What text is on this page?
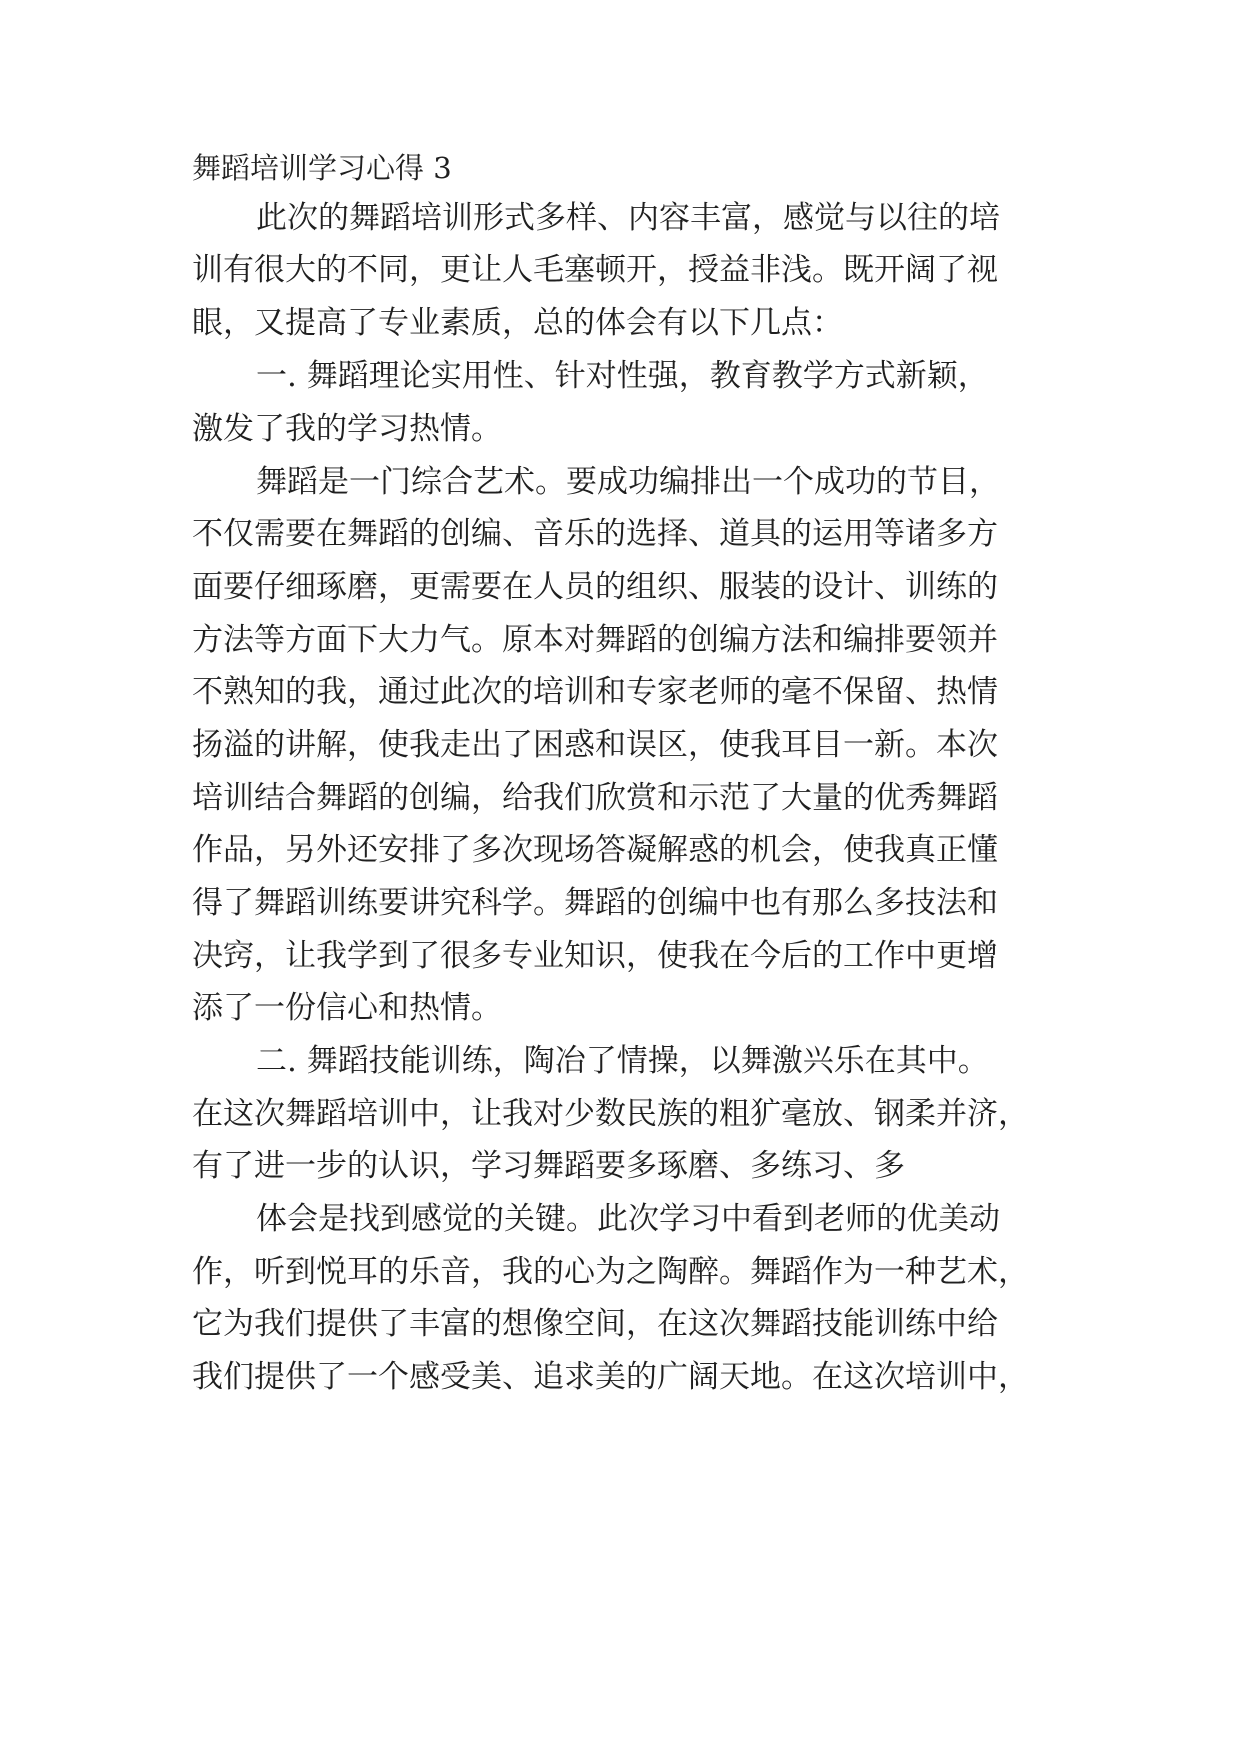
舞蹈培训学习心得 3
此次的舞蹈培训形式多样、内容丰富，感觉与以往的培
训有很大的不同，更让人毛塞顿开，授益非浅。既开阔了视
眼，又提高了专业素质，总的体会有以下几点：
一. 舞蹈理论实用性、针对性强，教育教学方式新颖，
激发了我的学习热情。
舞蹈是一门综合艺术。要成功编排出一个成功的节目，
不仅需要在舞蹈的创编、音乐的选择、道具的运用等诸多方
面要仔细琢磨，更需要在人员的组织、服装的设计、训练的
方法等方面下大力气。原本对舞蹈的创编方法和编排要领并
不熟知的我，通过此次的培训和专家老师的毫不保留、热情
扬溢的讲解，使我走出了困惑和误区，使我耳目一新。本次
培训结合舞蹈的创编，给我们欣赏和示范了大量的优秀舞蹈
作品，另外还安排了多次现场答凝解惑的机会，使我真正懂
得了舞蹈训练要讲究科学。舞蹈的创编中也有那么多技法和
决窍，让我学到了很多专业知识，使我在今后的工作中更增
添了一份信心和热情。
二. 舞蹈技能训练，陶冶了情操，以舞激兴乐在其中。
在这次舞蹈培训中，让我对少数民族的粗犷毫放、钢柔并济，
有了进一步的认识，学习舞蹈要多琢磨、多练习、多
体会是找到感觉的关键。此次学习中看到老师的优美动
作，听到悦耳的乐音，我的心为之陶醉。舞蹈作为一种艺术，
它为我们提供了丰富的想像空间，在这次舞蹈技能训练中给
我们提供了一个感受美、追求美的广阔天地。在这次培训中，
